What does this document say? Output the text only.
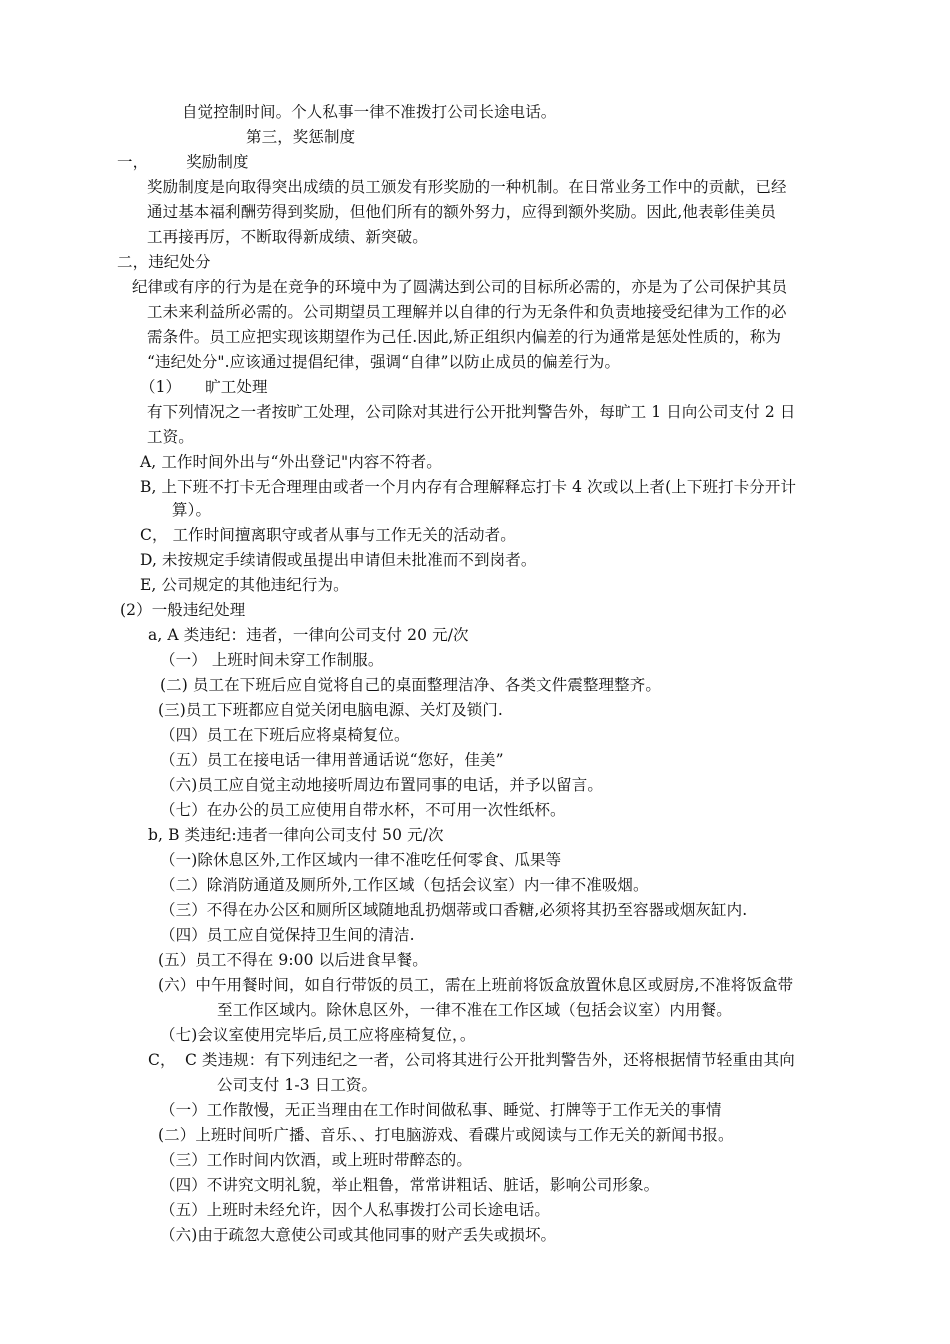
自觉控制时间。个人私事一律不准拨打公司长途电话。
第三，奖惩制度
一， 奖励制度
奖励制度是向取得突出成绩的员工颁发有形奖励的一种机制。在日常业务工作中的贡献，已经
通过基本福利酬劳得到奖励，但他们所有的额外努力，应得到额外奖励。因此,他表彰佳美员
工再接再厉，不断取得新成绩、新突破。
二，违纪处分
纪律或有序的行为是在竞争的环境中为了圆满达到公司的目标所必需的，亦是为了公司保护其员
工未来利益所必需的。公司期望员工理解并以自律的行为无条件和负责地接受纪律为工作的必
需条件。员工应把实现该期望作为己任.因此,矫正组织内偏差的行为通常是惩处性质的，称为
“违纪处分".应该通过提倡纪律，强调“自律”以防止成员的偏差行为。
（1） 旷工处理
有下列情况之一者按旷工处理，公司除对其进行公开批判警告外，每旷工 1 日向公司支付 2 日
工资。
A, 工作时间外出与“外出登记"内容不符者。
B, 上下班不打卡无合理理由或者一个月内存有合理解释忘打卡 4 次或以上者(上下班打卡分开计
算）。
C， 工作时间擅离职守或者从事与工作无关的活动者。
D, 未按规定手续请假或虽提出申请但未批准而不到岗者。
E, 公司规定的其他违纪行为。
(2）一般违纪处理
a, A 类违纪：违者，一律向公司支付 20 元/次
（一） 上班时间未穿工作制服。
(二) 员工在下班后应自觉将自己的桌面整理洁净、各类文件震整理整齐。
(三)员工下班都应自觉关闭电脑电源、关灯及锁门.
（四）员工在下班后应将桌椅复位。
（五）员工在接电话一律用普通话说“您好，佳美”
（六)员工应自觉主动地接听周边布置同事的电话，并予以留言。
（七）在办公的员工应使用自带水杯，不可用一次性纸杯。
b, B 类违纪:违者一律向公司支付 50 元/次
（一)除休息区外,工作区域内一律不准吃任何零食、瓜果等
（二）除消防通道及厕所外,工作区域（包括会议室）内一律不准吸烟。
（三）不得在办公区和厕所区域随地乱扔烟蒂或口香糖,必须将其扔至容器或烟灰缸内.
（四）员工应自觉保持卫生间的清洁.
(五）员工不得在 9:00 以后进食早餐。
(六）中午用餐时间，如自行带饭的员工，需在上班前将饭盒放置休息区或厨房,不准将饭盒带
至工作区域内。除休息区外，一律不准在工作区域（包括会议室）内用餐。
（七)会议室使用完毕后,员工应将座椅复位，。
C， C 类违规：有下列违纪之一者，公司将其进行公开批判警告外，还将根据情节轻重由其向
公司支付 1-3 日工资。
（一）工作散慢，无正当理由在工作时间做私事、睡觉、打牌等于工作无关的事情
(二）上班时间听广播、音乐、、打电脑游戏、看碟片或阅读与工作无关的新闻书报。
（三）工作时间内饮酒，或上班时带醉态的。
（四）不讲究文明礼貌，举止粗鲁，常常讲粗话、脏话，影响公司形象。
（五）上班时未经允许，因个人私事拨打公司长途电话。
（六)由于疏忽大意使公司或其他同事的财产丢失或损坏。
